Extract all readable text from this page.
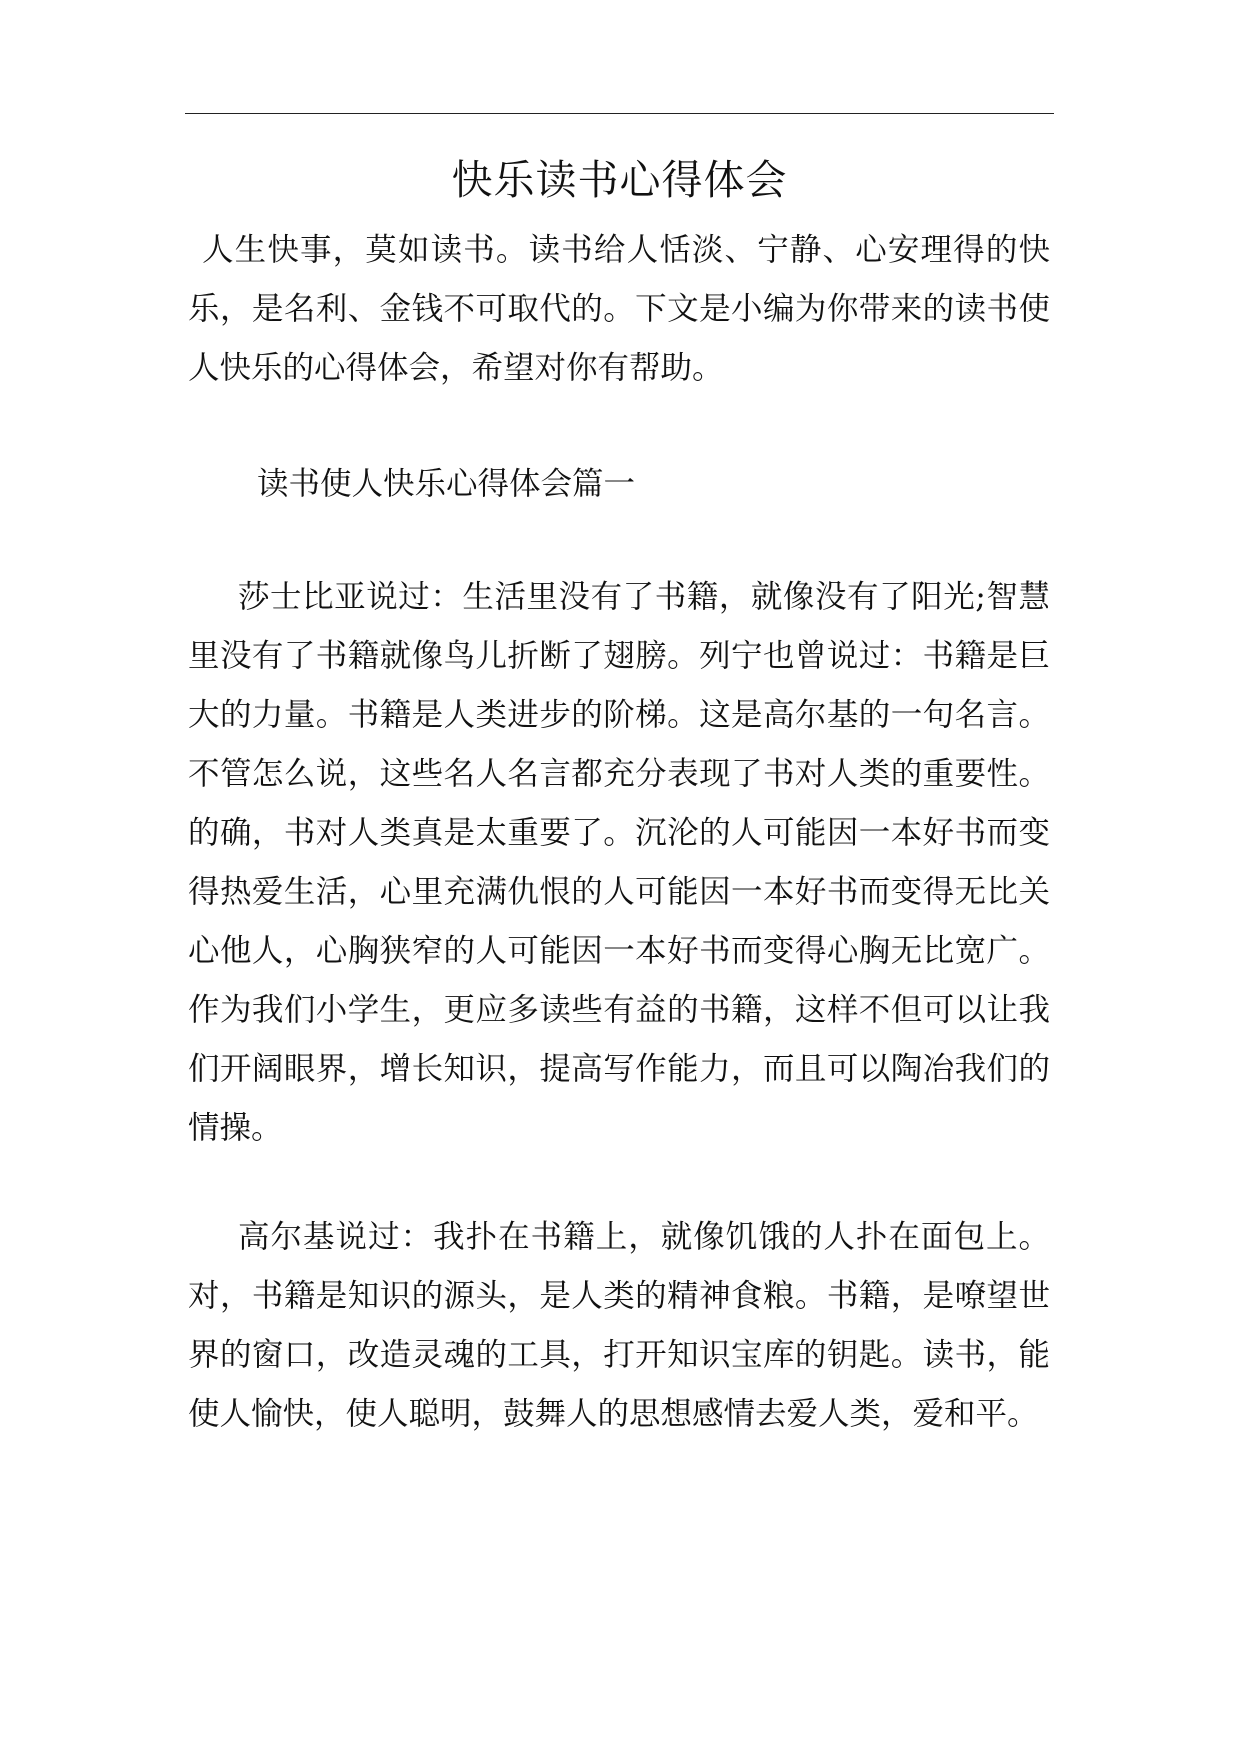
快乐读书心得体会

人生快事，莫如读书。读书给人恬淡、宁静、心安理得的快乐，是名利、金钱不可取代的。下文是小编为你带来的读书使人快乐的心得体会，希望对你有帮助。

读书使人快乐心得体会篇一

莎士比亚说过：生活里没有了书籍，就像没有了阳光;智慧里没有了书籍就像鸟儿折断了翅膀。列宁也曾说过：书籍是巨大的力量。书籍是人类进步的阶梯。这是高尔基的一句名言。不管怎么说，这些名人名言都充分表现了书对人类的重要性。的确，书对人类真是太重要了。沉沦的人可能因一本好书而变得热爱生活，心里充满仇恨的人可能因一本好书而变得无比关心他人，心胸狭窄的人可能因一本好书而变得心胸无比宽广。作为我们小学生，更应多读些有益的书籍，这样不但可以让我们开阔眼界，增长知识，提高写作能力，而且可以陶冶我们的情操。

高尔基说过：我扑在书籍上，就像饥饿的人扑在面包上。对，书籍是知识的源头，是人类的精神食粮。书籍，是嘹望世界的窗口，改造灵魂的工具，打开知识宝库的钥匙。读书，能使人愉快，使人聪明，鼓舞人的思想感情去爱人类，爱和平。
